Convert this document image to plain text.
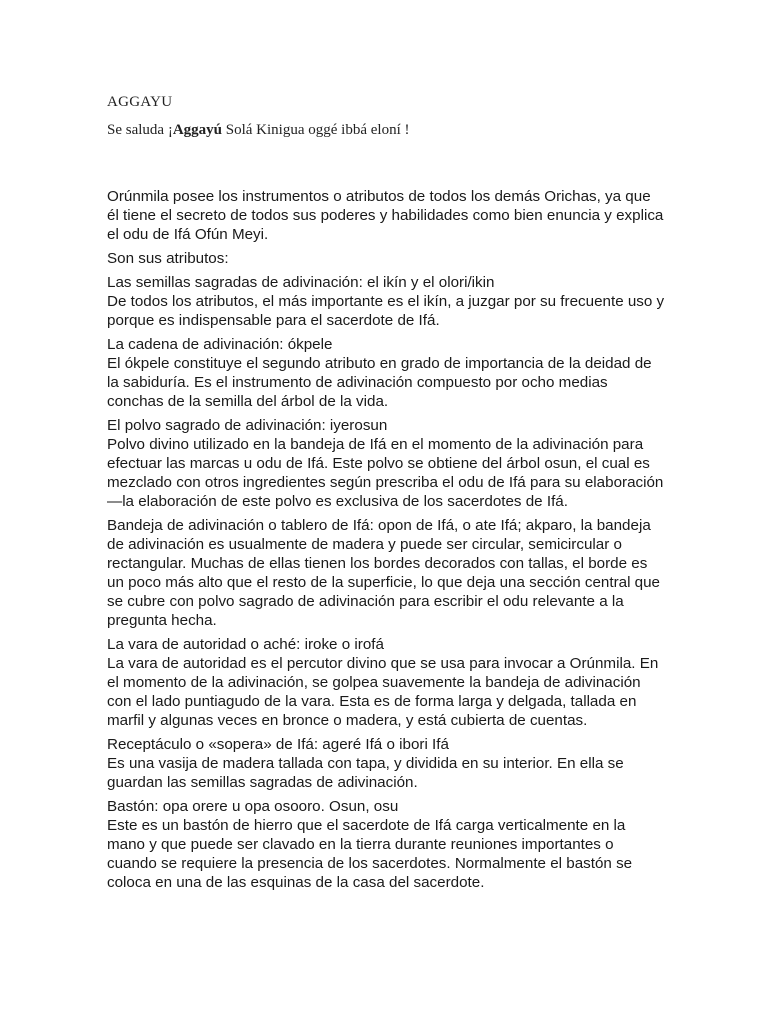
AGGAYU
Se saluda ¡Aggayú Solá Kinigua oggé ibbá eloní !
Orúnmila posee los instrumentos o atributos de todos los demás Orichas, ya que
él tiene el secreto de todos sus poderes y habilidades como bien enuncia y explica
el odu de Ifá Ofún Meyi.
Son sus atributos:
Las semillas sagradas de adivinación: el ikín y el olori/ikin
De todos los atributos, el más importante es el ikín, a juzgar por su frecuente uso y
porque es indispensable para el sacerdote de Ifá.
La cadena de adivinación: ókpele
El ókpele constituye el segundo atributo en grado de importancia de la deidad de
la sabiduría. Es el instrumento de adivinación compuesto por ocho medias
conchas de la semilla del árbol de la vida.
El polvo sagrado de adivinación: iyerosun
Polvo divino utilizado en la bandeja de Ifá en el momento de la adivinación para
efectuar las marcas u odu de Ifá. Este polvo se obtiene del árbol osun, el cual es
mezclado con otros ingredientes según prescriba el odu de Ifá para su elaboración
—la elaboración de este polvo es exclusiva de los sacerdotes de Ifá.
Bandeja de adivinación o tablero de Ifá: opon de Ifá, o ate Ifá; akparo, la bandeja
de adivinación es usualmente de madera y puede ser circular, semicircular o
rectangular. Muchas de ellas tienen los bordes decorados con tallas, el borde es
un poco más alto que el resto de la superficie, lo que deja una sección central que
se cubre con polvo sagrado de adivinación para escribir el odu relevante a la
pregunta hecha.
La vara de autoridad o aché: iroke o irofá
La vara de autoridad es el percutor divino que se usa para invocar a Orúnmila. En
el momento de la adivinación, se golpea suavemente la bandeja de adivinación
con el lado puntiagudo de la vara. Esta es de forma larga y delgada, tallada en
marfil y algunas veces en bronce o madera, y está cubierta de cuentas.
Receptáculo o «sopera» de Ifá: ageré Ifá o ibori Ifá
Es una vasija de madera tallada con tapa, y dividida en su interior. En ella se
guardan las semillas sagradas de adivinación.
Bastón: opa orere u opa osooro. Osun, osu
Este es un bastón de hierro que el sacerdote de Ifá carga verticalmente en la
mano y que puede ser clavado en la tierra durante reuniones importantes o
cuando se requiere la presencia de los sacerdotes. Normalmente el bastón se
coloca en una de las esquinas de la casa del sacerdote.
